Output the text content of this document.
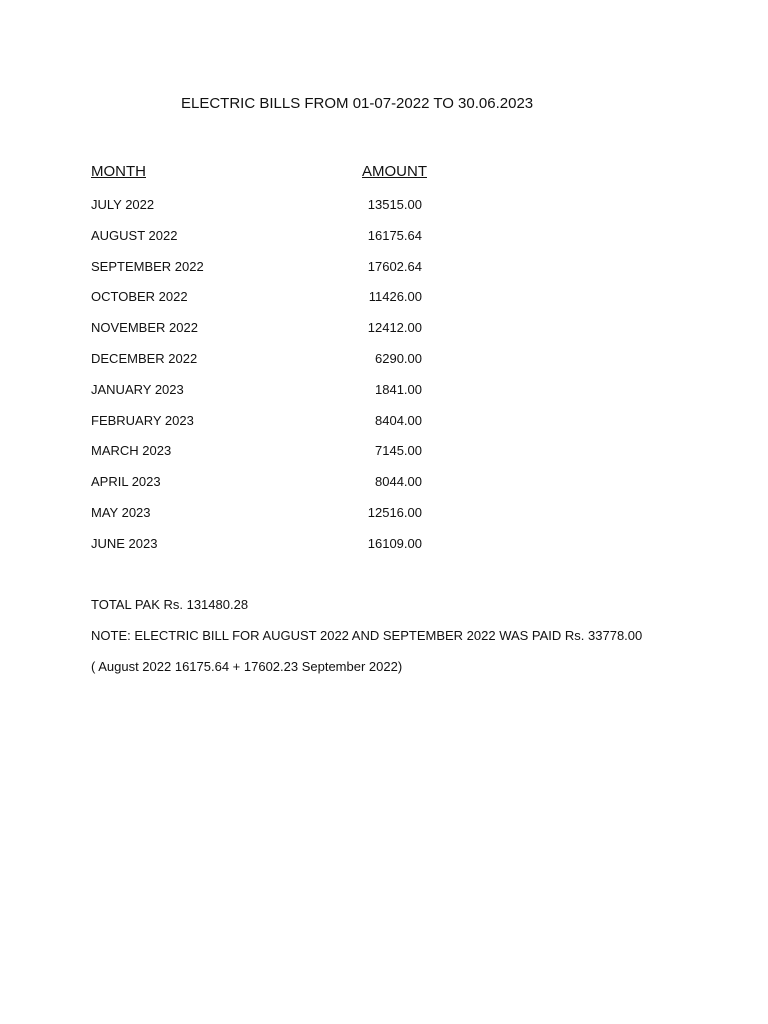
ELECTRIC BILLS FROM 01-07-2022 TO 30.06.2023
MONTH	AMOUNT
JULY 2022	13515.00
AUGUST 2022	16175.64
SEPTEMBER 2022	17602.64
OCTOBER 2022	11426.00
NOVEMBER 2022	12412.00
DECEMBER 2022	6290.00
JANUARY 2023	1841.00
FEBRUARY 2023	8404.00
MARCH 2023	7145.00
APRIL 2023	8044.00
MAY 2023	12516.00
JUNE 2023	16109.00
TOTAL PAK Rs. 131480.28
NOTE: ELECTRIC BILL FOR AUGUST 2022 AND SEPTEMBER 2022 WAS PAID Rs. 33778.00
( August 2022 16175.64 + 17602.23 September 2022)
